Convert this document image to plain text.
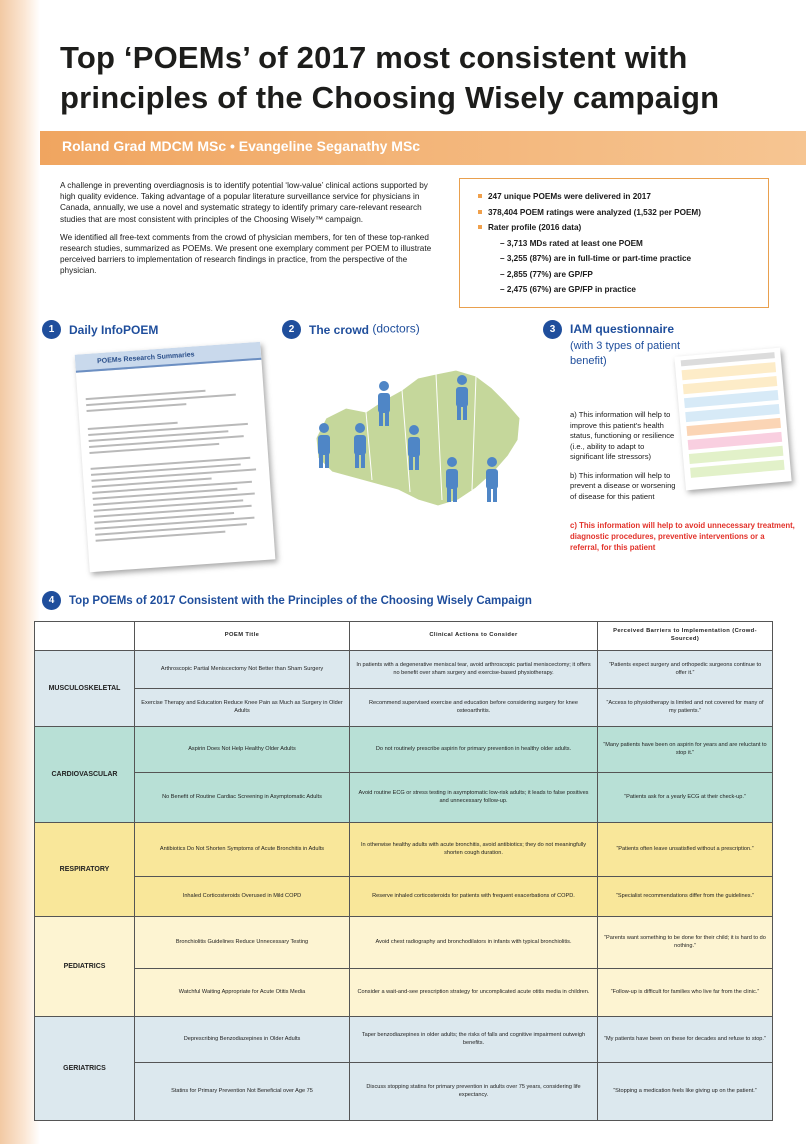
Top ‘POEMs’ of 2017 most consistent with principles of the Choosing Wisely campaign
Roland Grad MDCM MSc • Evangeline Seganathy MSc

A challenge in preventing overdiagnosis is to identify potential ‘low-value’ clinical actions supported by high quality evidence. Taking advantage of a popular literature surveillance service for physicians in Canada, annually, we use a novel and systematic strategy to identify primary care-relevant research studies that are most consistent with principles of the Choosing Wisely™ campaign.

We identified all free-text comments from the crowd of physician members, for ten of these top-ranked research studies, summarized as POEMs. We present one exemplary comment per POEM to illustrate perceived barriers to implementation of research findings in practice, from the perspective of the physician.

247 unique POEMs were delivered in 2017
378,404 POEM ratings were analyzed (1,532 per POEM)
Rater profile (2016 data)
– 3,713 MDs rated at least one POEM
– 3,255 (87%) are in full-time or part-time practice
– 2,855 (77%) are GP/FP
– 2,475 (67%) are GP/FP in practice
1 Daily InfoPOEM
POEMs Research Summaries
2 The crowd (doctors)	3 IAM questionnaire

(with 3 types of patient benefit)
a) This information will help to improve this patient's health status, functioning or resilience (i.e., ability to adapt to significant life stressors)
b) This information will help to prevent a disease or worsening of disease for this patient
c) This information will help to avoid unnecessary treatment, diagnostic procedures, preventive interventions or a referral, for this patient
4 Top POEMs of 2017 Consistent with the Principles of the Choosing Wisely Campaign
	POEM Title	Clinical Actions to Consider	Perceived Barriers to Implementation (Crowd-Sourced)
MUSCULOSKELETAL	Arthroscopic Partial Meniscectomy Not Better than Sham Surgery	In patients with a degenerative meniscal tear, avoid arthroscopic partial meniscectomy; it offers no benefit over sham surgery and exercise-based physiotherapy.	“Patients expect surgery and orthopedic surgeons continue to offer it.”
	Exercise Therapy and Education Reduce Knee Pain as Much as Surgery in Older Adults	Recommend supervised exercise and education before considering surgery for knee osteoarthritis.	“Access to physiotherapy is limited and not covered for many of my patients.”
CARDIOVASCULAR	Aspirin Does Not Help Healthy Older Adults	Do not routinely prescribe aspirin for primary prevention in healthy older adults.	“Many patients have been on aspirin for years and are reluctant to stop it.”
	No Benefit of Routine Cardiac Screening in Asymptomatic Adults	Avoid routine ECG or stress testing in asymptomatic low-risk adults; it leads to false positives and unnecessary follow-up.	“Patients ask for a yearly ECG at their check-up.”
RESPIRATORY	Antibiotics Do Not Shorten Symptoms of Acute Bronchitis in Adults	In otherwise healthy adults with acute bronchitis, avoid antibiotics; they do not meaningfully shorten cough duration.	“Patients often leave unsatisfied without a prescription.”
	Inhaled Corticosteroids Overused in Mild COPD	Reserve inhaled corticosteroids for patients with frequent exacerbations of COPD.	“Specialist recommendations differ from the guidelines.”
PEDIATRICS	Bronchiolitis Guidelines Reduce Unnecessary Testing	Avoid chest radiography and bronchodilators in infants with typical bronchiolitis.	“Parents want something to be done for their child; it is hard to do nothing.”
	Watchful Waiting Appropriate for Acute Otitis Media	Consider a wait-and-see prescription strategy for uncomplicated acute otitis media in children.	“Follow-up is difficult for families who live far from the clinic.”
GERIATRICS	Deprescribing Benzodiazepines in Older Adults	Taper benzodiazepines in older adults; the risks of falls and cognitive impairment outweigh benefits.	“My patients have been on these for decades and refuse to stop.”
	Statins for Primary Prevention Not Beneficial over Age 75	Discuss stopping statins for primary prevention in adults over 75 years, considering life expectancy.	“Stopping a medication feels like giving up on the patient.”
